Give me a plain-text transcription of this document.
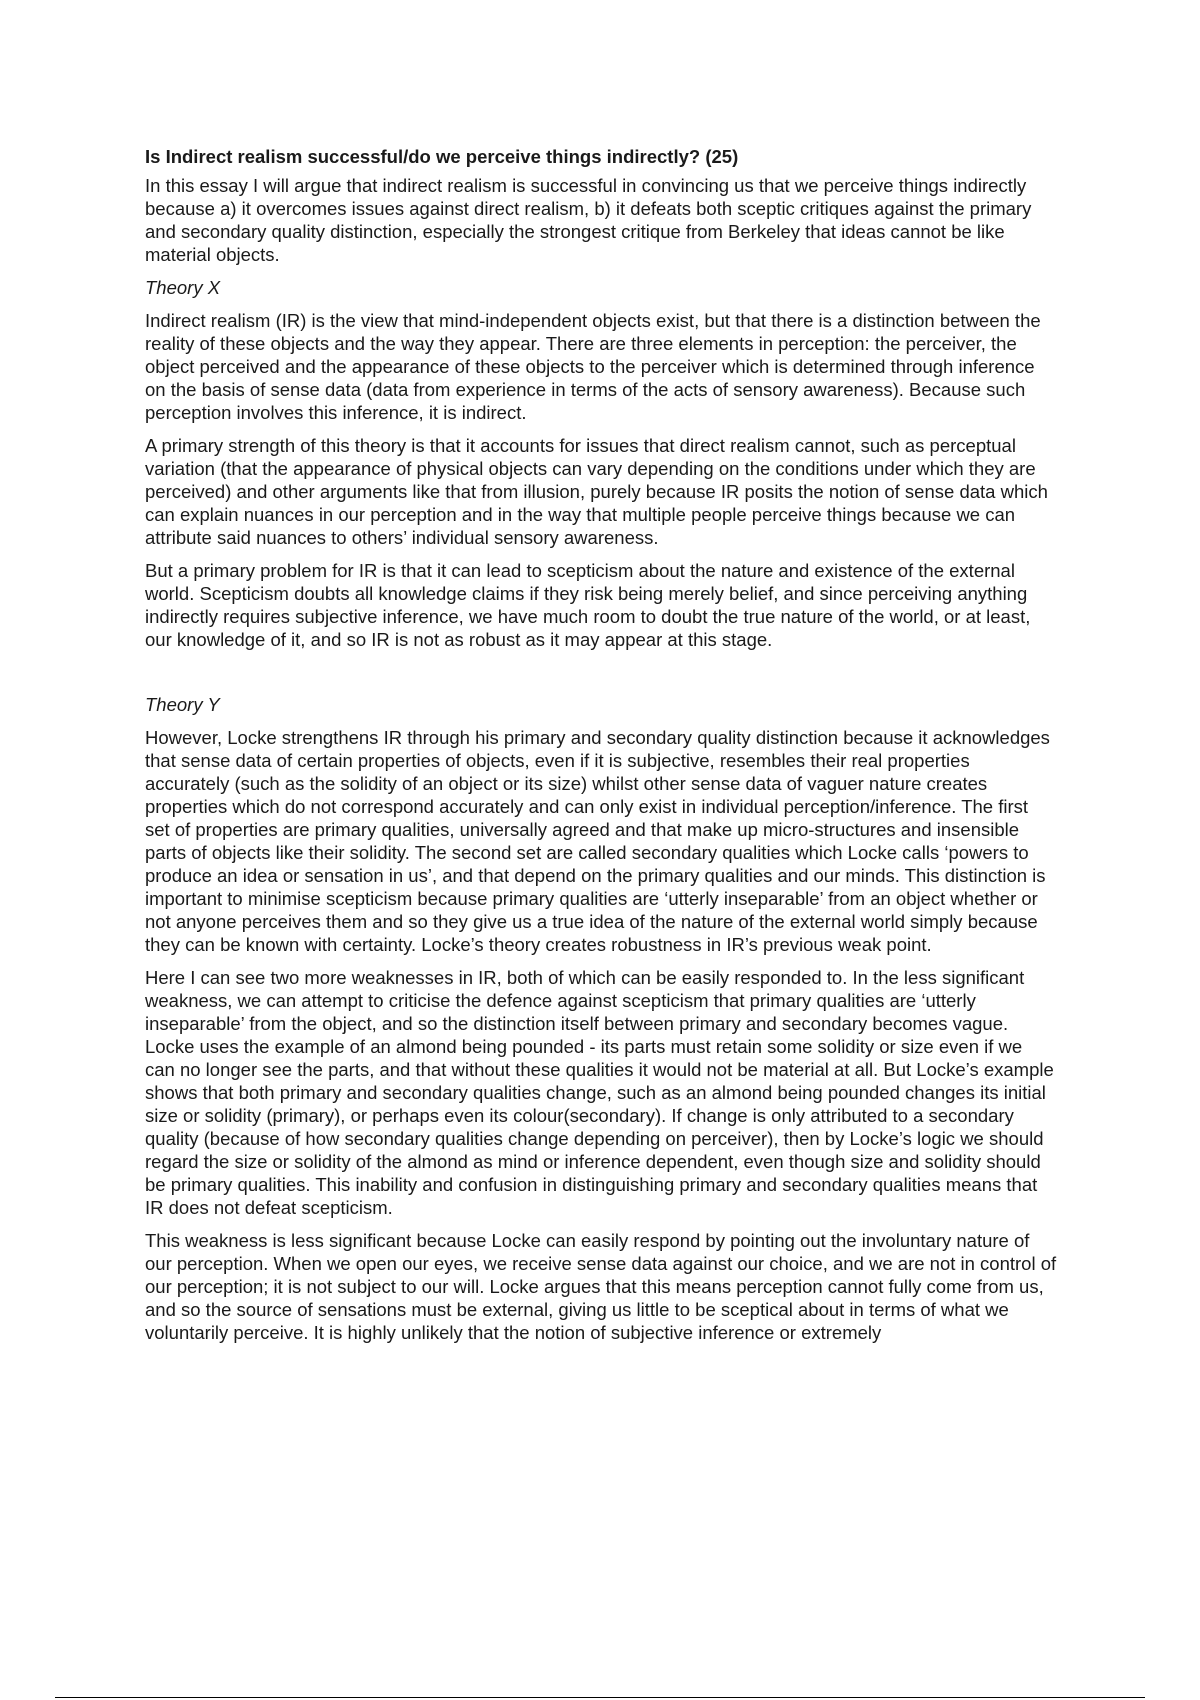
Is Indirect realism successful/do we perceive things indirectly? (25)

In this essay I will argue that indirect realism is successful in convincing us that we perceive things indirectly because a) it overcomes issues against direct realism, b) it defeats both sceptic critiques against the primary and secondary quality distinction, especially the strongest critique from Berkeley that ideas cannot be like material objects.

Theory X

Indirect realism (IR) is the view that mind-independent objects exist, but that there is a distinction between the reality of these objects and the way they appear. There are three elements in perception: the perceiver, the object perceived and the appearance of these objects to the perceiver which is determined through inference on the basis of sense data (data from experience in terms of the acts of sensory awareness). Because such perception involves this inference, it is indirect.

A primary strength of this theory is that it accounts for issues that direct realism cannot, such as perceptual variation (that the appearance of physical objects can vary depending on the conditions under which they are perceived) and other arguments like that from illusion, purely because IR posits the notion of sense data which can explain nuances in our perception and in the way that multiple people perceive things because we can attribute said nuances to others’ individual sensory awareness.

But a primary problem for IR is that it can lead to scepticism about the nature and existence of the external world. Scepticism doubts all knowledge claims if they risk being merely belief, and since perceiving anything indirectly requires subjective inference, we have much room to doubt the true nature of the world, or at least, our knowledge of it, and so IR is not as robust as it may appear at this stage.

Theory Y

However, Locke strengthens IR through his primary and secondary quality distinction because it acknowledges that sense data of certain properties of objects, even if it is subjective, resembles their real properties accurately (such as the solidity of an object or its size) whilst other sense data of vaguer nature creates properties which do not correspond accurately and can only exist in individual perception/inference. The first set of properties are primary qualities, universally agreed and that make up micro-structures and insensible parts of objects like their solidity. The second set are called secondary qualities which Locke calls ‘powers to produce an idea or sensation in us’, and that depend on the primary qualities and our minds. This distinction is important to minimise scepticism because primary qualities are ‘utterly inseparable’ from an object whether or not anyone perceives them and so they give us a true idea of the nature of the external world simply because they can be known with certainty. Locke’s theory creates robustness in IR’s previous weak point.

Here I can see two more weaknesses in IR, both of which can be easily responded to. In the less significant weakness, we can attempt to criticise the defence against scepticism that primary qualities are ‘utterly inseparable’ from the object, and so the distinction itself between primary and secondary becomes vague. Locke uses the example of an almond being pounded - its parts must retain some solidity or size even if we can no longer see the parts, and that without these qualities it would not be material at all. But Locke’s example shows that both primary and secondary qualities change, such as an almond being pounded changes its initial size or solidity (primary), or perhaps even its colour(secondary). If change is only attributed to a secondary quality (because of how secondary qualities change depending on perceiver), then by Locke’s logic we should regard the size or solidity of the almond as mind or inference dependent, even though size and solidity should be primary qualities. This inability and confusion in distinguishing primary and secondary qualities means that IR does not defeat scepticism.

This weakness is less significant because Locke can easily respond by pointing out the involuntary nature of our perception. When we open our eyes, we receive sense data against our choice, and we are not in control of our perception; it is not subject to our will. Locke argues that this means perception cannot fully come from us, and so the source of sensations must be external, giving us little to be sceptical about in terms of what we voluntarily perceive. It is highly unlikely that the notion of subjective inference or extremely
